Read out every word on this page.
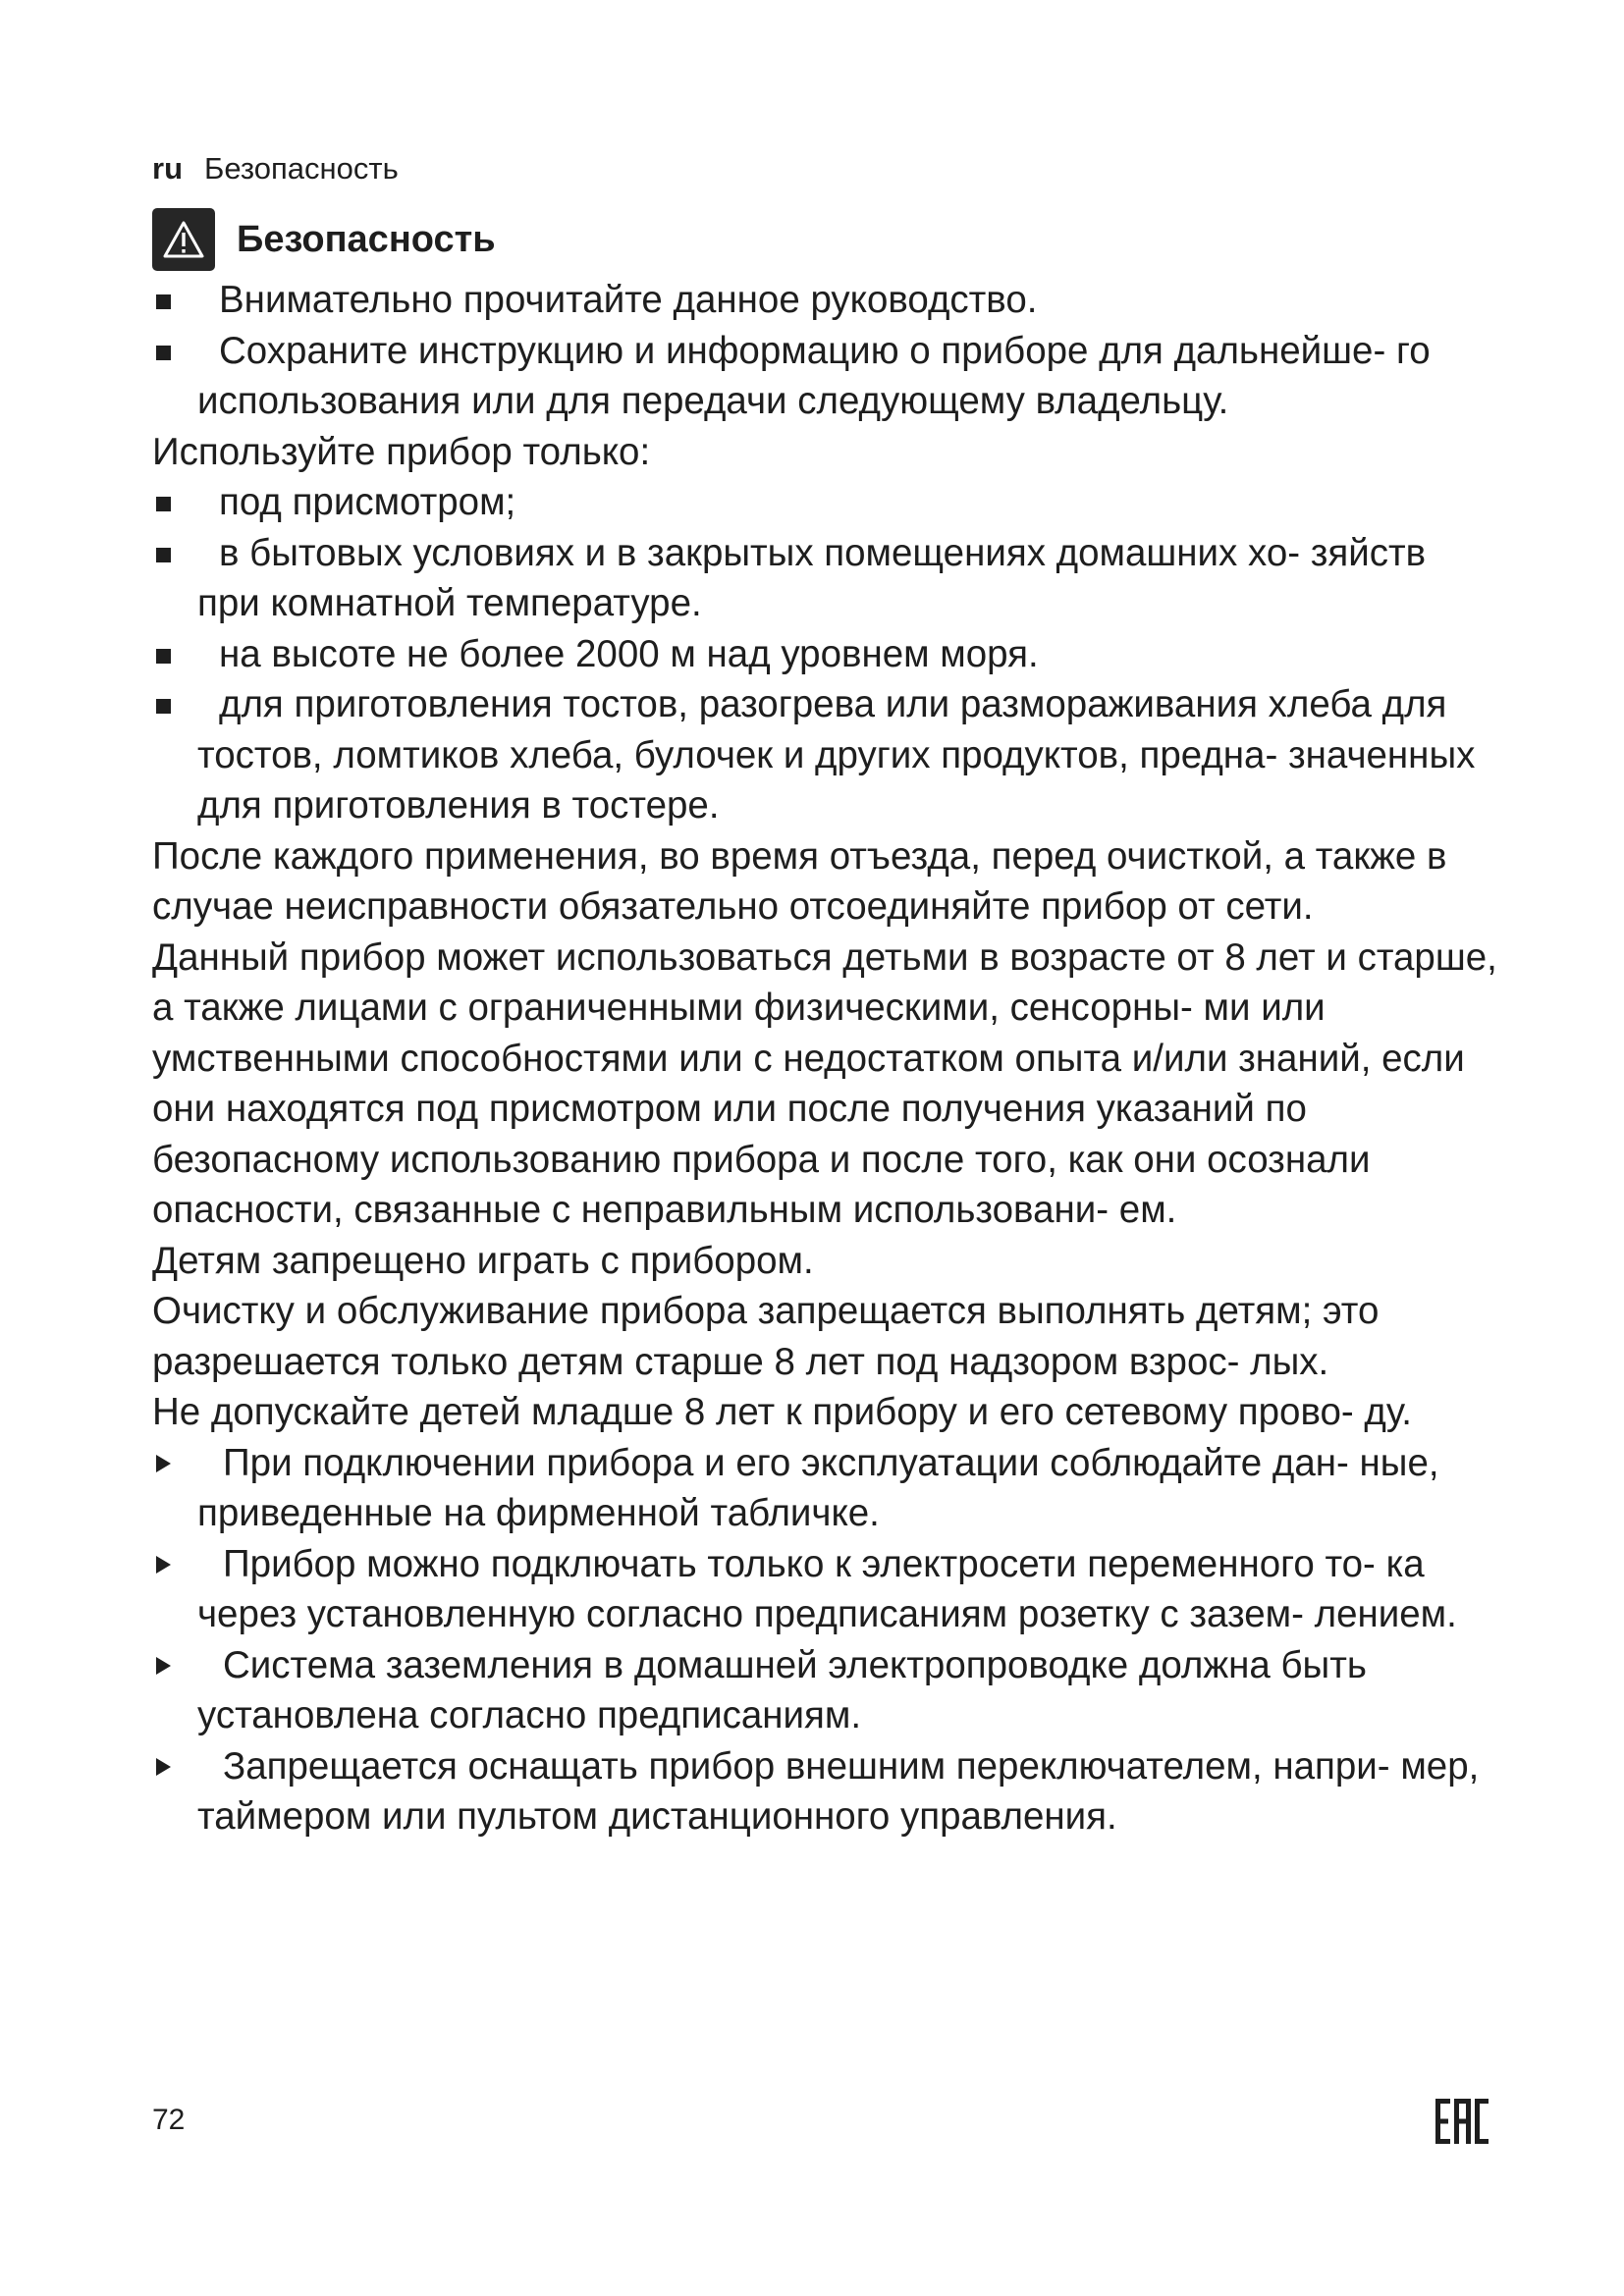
ru Безопасность
Безопасность
Внимательно прочитайте данное руководство.
Сохраните инструкцию и информацию о приборе для дальнейше- го использования или для передачи следующему владельцу.

Используйте прибор только:

под присмотром;
в бытовых условиях и в закрытых помещениях домашних хо- зяйств при комнатной температуре.
на высоте не более 2000 м над уровнем моря.
для приготовления тостов, разогрева или размораживания хлеба для тостов, ломтиков хлеба, булочек и других продуктов, предна- значенных для приготовления в тостере.

После каждого применения, во время отъезда, перед очисткой, а также в случае неисправности обязательно отсоединяйте прибор от сети.

Данный прибор может использоваться детьми в возрасте от 8 лет и старше, а также лицами с ограниченными физическими, сенсорны- ми или умственными способностями или с недостатком опыта и/или знаний, если они находятся под присмотром или после получения указаний по безопасному использованию прибора и после того, как они осознали опасности, связанные с неправильным использовани- ем.

Детям запрещено играть с прибором.

Очистку и обслуживание прибора запрещается выполнять детям; это разрешается только детям старше 8 лет под надзором взрос- лых.

Не допускайте детей младше 8 лет к прибору и его сетевому прово- ду.

При подключении прибора и его эксплуатации соблюдайте дан- ные, приведенные на фирменной табличке.
Прибор можно подключать только к электросети переменного то- ка через установленную согласно предписаниям розетку с зазем- лением.
Система заземления в домашней электропроводке должна быть установлена согласно предписаниям.
Запрещается оснащать прибор внешним переключателем, напри- мер, таймером или пультом дистанционного управления.
72
